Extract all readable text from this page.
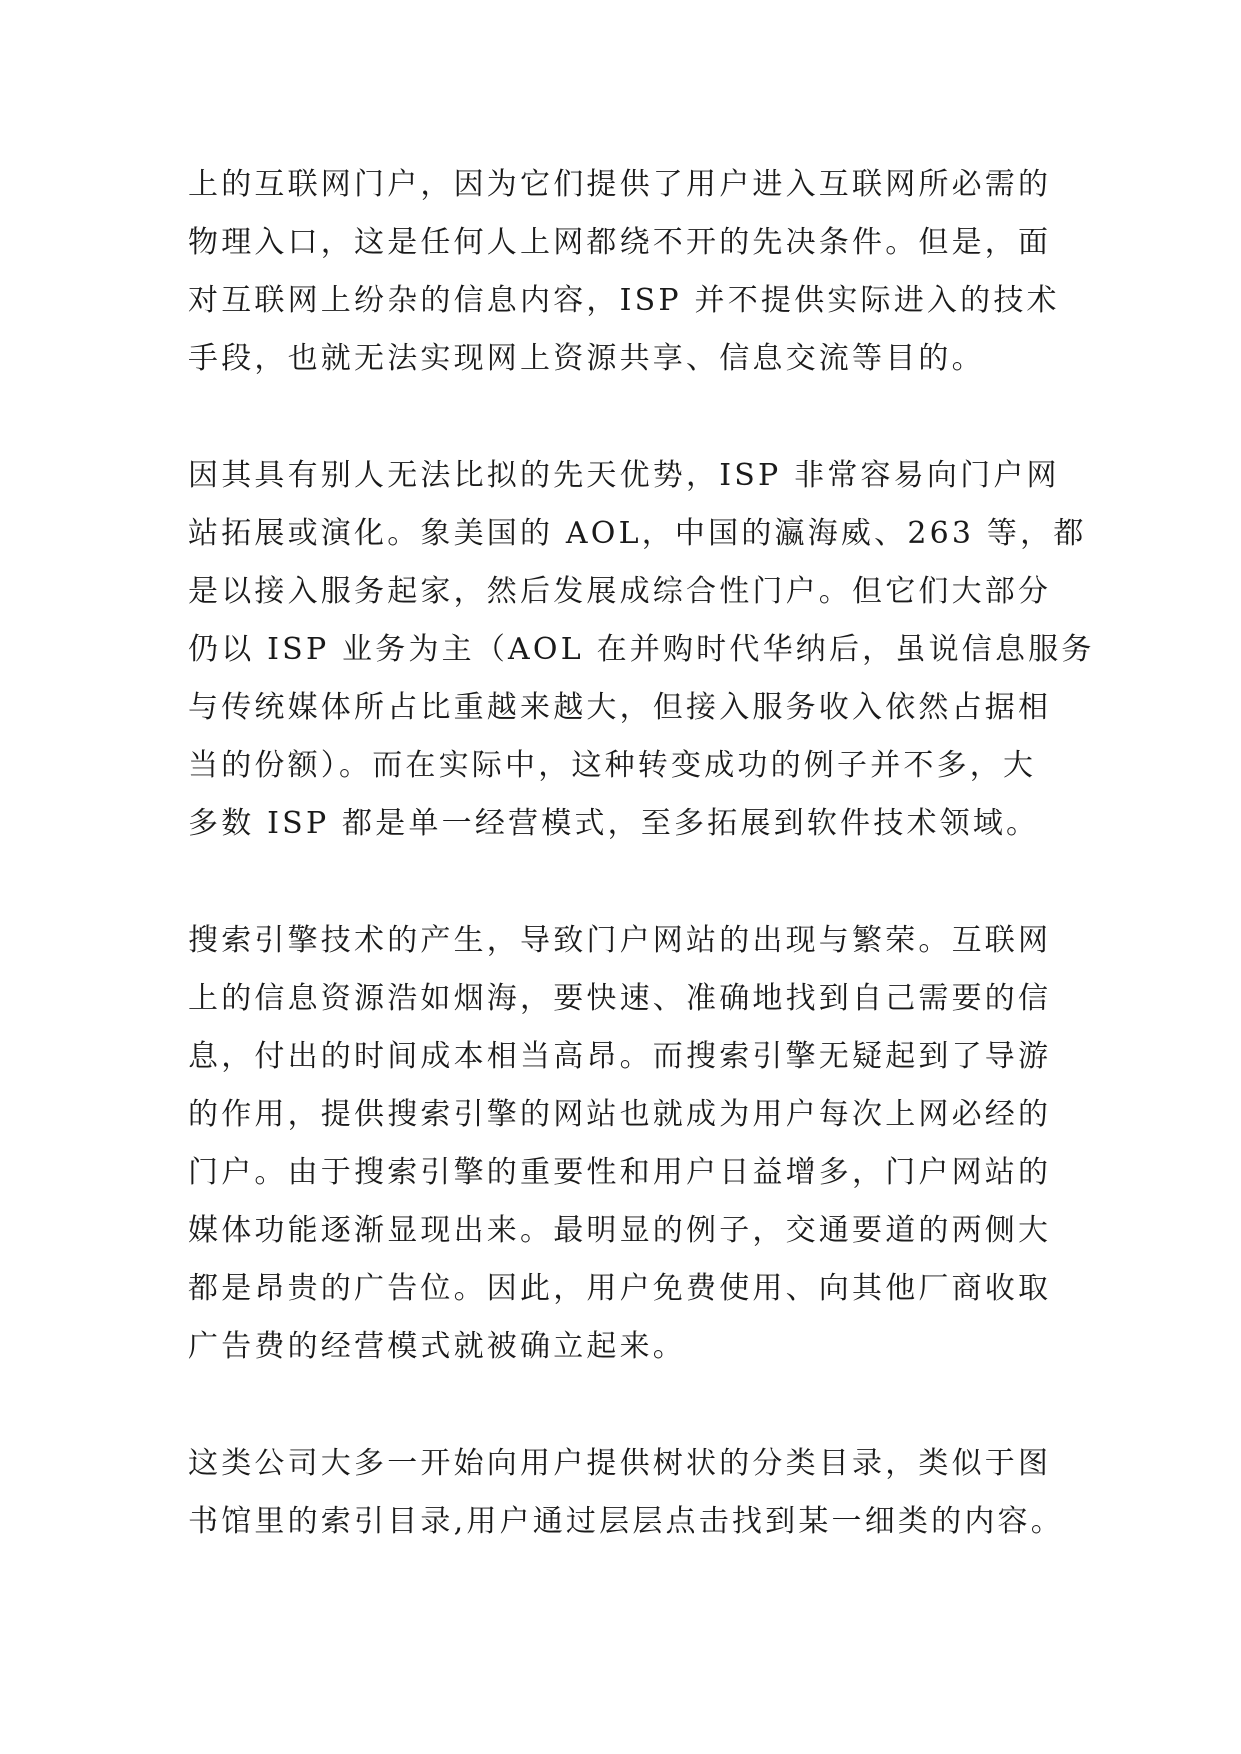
上的互联网门户，因为它们提供了用户进入互联网所必需的
物理入口，这是任何人上网都绕不开的先决条件。但是，面
对互联网上纷杂的信息内容，ISP 并不提供实际进入的技术
手段，也就无法实现网上资源共享、信息交流等目的。
因其具有别人无法比拟的先天优势，ISP 非常容易向门户网
站拓展或演化。象美国的 AOL，中国的瀛海威、263 等，都
是以接入服务起家，然后发展成综合性门户。但它们大部分
仍以 ISP 业务为主（AOL 在并购时代华纳后，虽说信息服务
与传统媒体所占比重越来越大，但接入服务收入依然占据相
当的份额）。而在实际中，这种转变成功的例子并不多，大
多数 ISP 都是单一经营模式，至多拓展到软件技术领域。
搜索引擎技术的产生，导致门户网站的出现与繁荣。互联网
上的信息资源浩如烟海，要快速、准确地找到自己需要的信
息，付出的时间成本相当高昂。而搜索引擎无疑起到了导游
的作用，提供搜索引擎的网站也就成为用户每次上网必经的
门户。由于搜索引擎的重要性和用户日益增多，门户网站的
媒体功能逐渐显现出来。最明显的例子，交通要道的两侧大
都是昂贵的广告位。因此，用户免费使用、向其他厂商收取
广告费的经营模式就被确立起来。
这类公司大多一开始向用户提供树状的分类目录，类似于图
书馆里的索引目录,用户通过层层点击找到某一细类的内容。
